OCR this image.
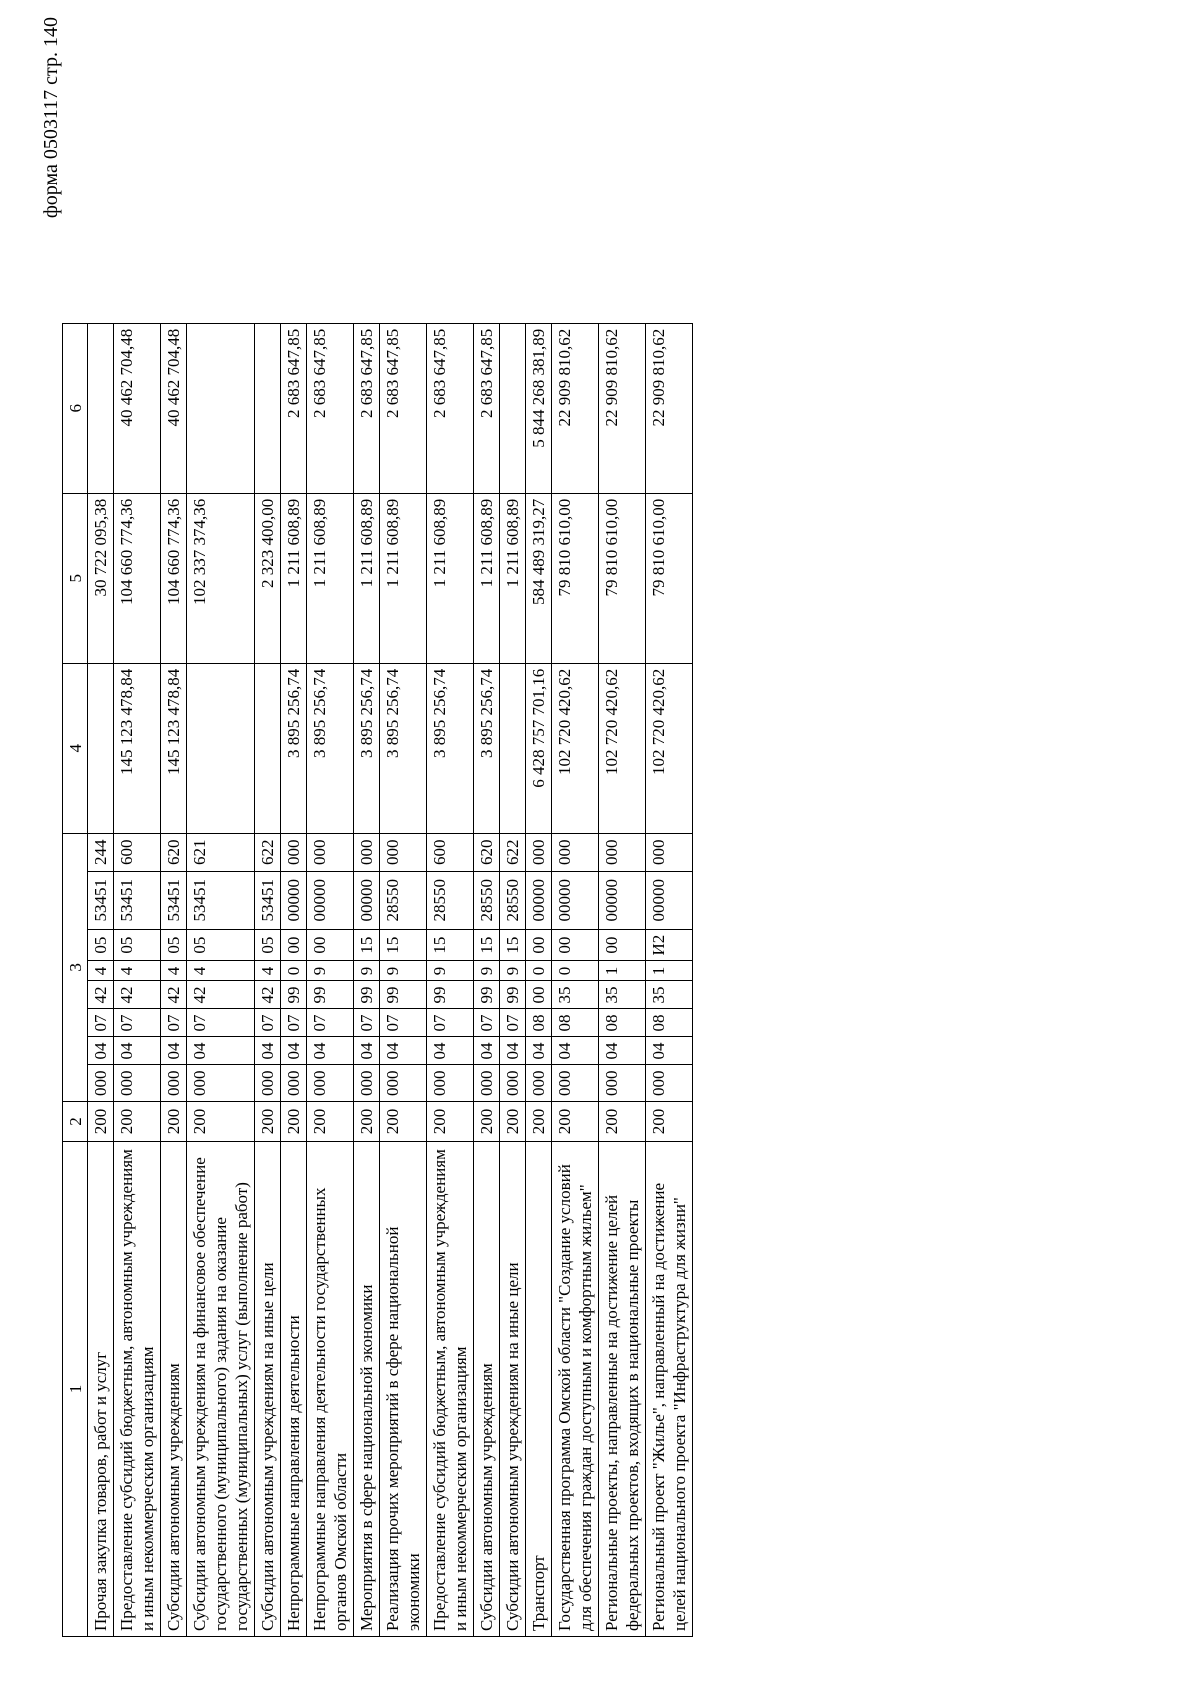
форма 0503117 стр. 140
1	2	3								4	5	6
Прочая закупка товаров, работ и услуг	200	000	04	07	42	4	05	53451	244		30 722 095,38	
Предоставление субсидий бюджетным, автономным учреждениям и иным некоммерческим организациям	200	000	04	07	42	4	05	53451	600	145 123 478,84	104 660 774,36	40 462 704,48
Субсидии автономным учреждениям	200	000	04	07	42	4	05	53451	620	145 123 478,84	104 660 774,36	40 462 704,48
Субсидии автономным учреждениям на финансовое обеспечение государственного (муниципального) задания на оказание государственных (муниципальных) услуг (выполнение работ)	200	000	04	07	42	4	05	53451	621		102 337 374,36	
Субсидии автономным учреждениям на иные цели	200	000	04	07	42	4	05	53451	622		2 323 400,00	
Непрограммные направления деятельности	200	000	04	07	99	0	00	00000	000	3 895 256,74	1 211 608,89	2 683 647,85
Непрограммные направления деятельности государственных органов Омской области	200	000	04	07	99	9	00	00000	000	3 895 256,74	1 211 608,89	2 683 647,85
Мероприятия в сфере национальной экономики	200	000	04	07	99	9	15	00000	000	3 895 256,74	1 211 608,89	2 683 647,85
Реализация прочих мероприятий в сфере национальной экономики	200	000	04	07	99	9	15	28550	000	3 895 256,74	1 211 608,89	2 683 647,85
Предоставление субсидий бюджетным, автономным учреждениям и иным некоммерческим организациям	200	000	04	07	99	9	15	28550	600	3 895 256,74	1 211 608,89	2 683 647,85
Субсидии автономным учреждениям	200	000	04	07	99	9	15	28550	620	3 895 256,74	1 211 608,89	2 683 647,85
Субсидии автономным учреждениям на иные цели	200	000	04	07	99	9	15	28550	622		1 211 608,89	
Транспорт	200	000	04	08	00	0	00	00000	000	6 428 757 701,16	584 489 319,27	5 844 268 381,89
Государственная программа Омской области "Создание условий для обеспечения граждан доступным и комфортным жильем"	200	000	04	08	35	0	00	00000	000	102 720 420,62	79 810 610,00	22 909 810,62
Региональные проекты, направленные на достижение целей федеральных проектов, входящих в национальные проекты	200	000	04	08	35	1	00	00000	000	102 720 420,62	79 810 610,00	22 909 810,62
Региональный проект "Жилье", направленный на достижение целей национального проекта "Инфраструктура для жизни"	200	000	04	08	35	1	И2	00000	000	102 720 420,62	79 810 610,00	22 909 810,62
